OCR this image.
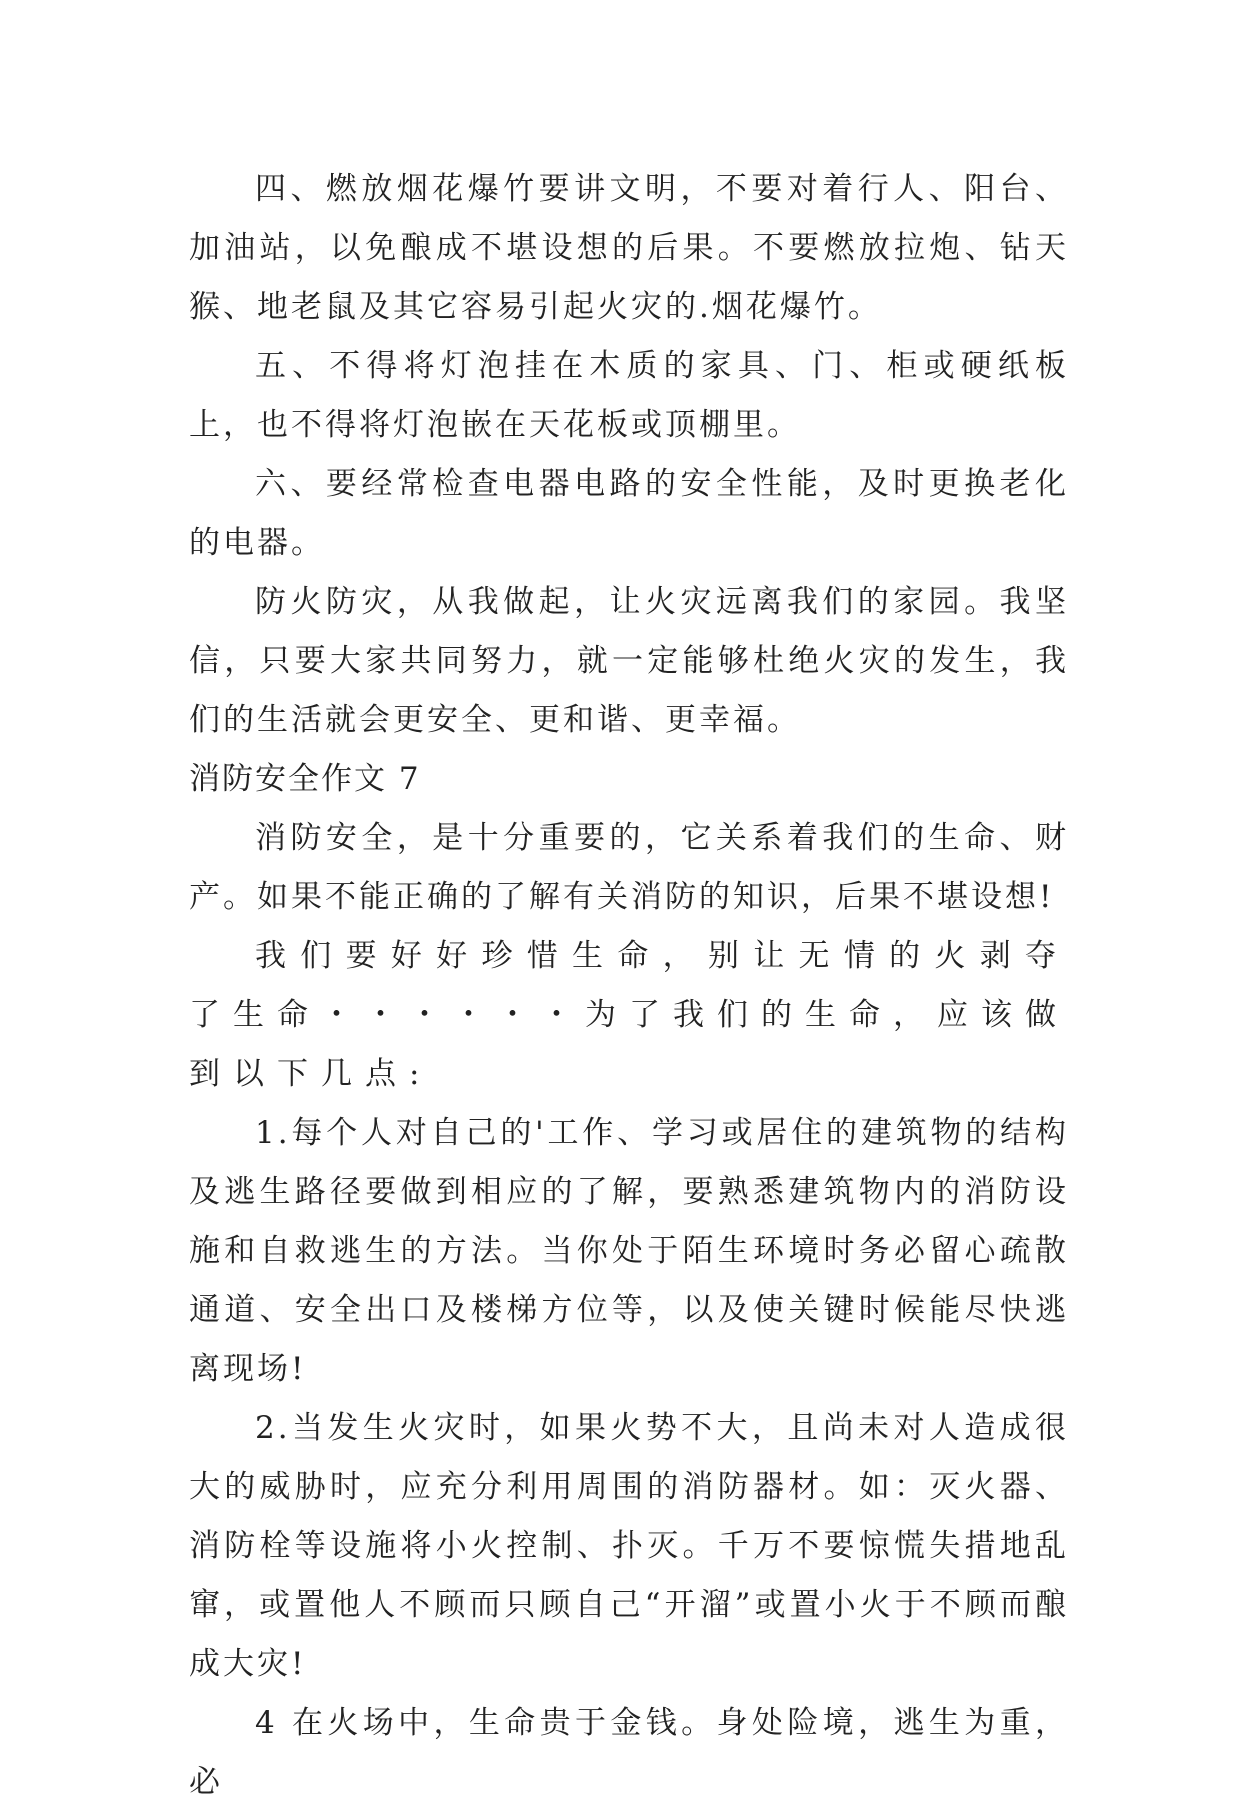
四、燃放烟花爆竹要讲文明，不要对着行人、阳台、加油站，以免酿成不堪设想的后果。不要燃放拉炮、钻天猴、地老鼠及其它容易引起火灾的.烟花爆竹。

五、不得将灯泡挂在木质的家具、门、柜或硬纸板上，也不得将灯泡嵌在天花板或顶棚里。

六、要经常检查电器电路的安全性能，及时更换老化的电器。

防火防灾，从我做起，让火灾远离我们的家园。我坚信，只要大家共同努力，就一定能够杜绝火灾的发生，我们的生活就会更安全、更和谐、更幸福。

消防安全作文 7

消防安全，是十分重要的，它关系着我们的生命、财产。如果不能正确的了解有关消防的知识，后果不堪设想!

我们要好好珍惜生命，别让无情的火剥夺了生命・・・・・・为了我们的生命，应该做到以下几点:

1.每个人对自己的'工作、学习或居住的建筑物的结构及逃生路径要做到相应的了解，要熟悉建筑物内的消防设施和自救逃生的方法。当你处于陌生环境时务必留心疏散通道、安全出口及楼梯方位等，以及使关键时候能尽快逃离现场!

2.当发生火灾时，如果火势不大，且尚未对人造成很大的威胁时，应充分利用周围的消防器材。如：灭火器、消防栓等设施将小火控制、扑灭。千万不要惊慌失措地乱窜，或置他人不顾而只顾自己“开溜”或置小火于不顾而酿成大灾!

4 在火场中，生命贵于金钱。身处险境，逃生为重，必
